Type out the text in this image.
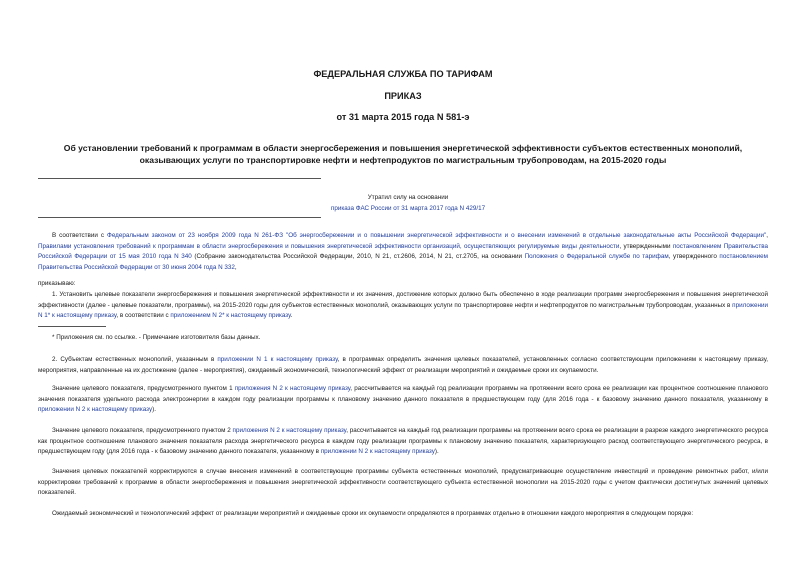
ФЕДЕРАЛЬНАЯ СЛУЖБА ПО ТАРИФАМ
ПРИКАЗ
от 31 марта 2015 года N 581-э
Об установлении требований к программам в области энергосбережения и повышения энергетической эффективности субъектов естественных монополий, оказывающих услуги по транспортировке нефти и нефтепродуктов по магистральным трубопроводам, на 2015-2020 годы
Утратил силу на основании
приказа ФАС России от 31 марта 2017 года N 429/17

В соответствии с Федеральным законом от 23 ноября 2009 года N 261-ФЗ "Об энергосбережении и о повышении энергетической эффективности и о внесении изменений в отдельные законодательные акты Российской Федерации", Правилами установления требований к программам в области энергосбережения и повышения энергетической эффективности организаций, осуществляющих регулируемые виды деятельности, утвержденными постановлением Правительства Российской Федерации от 15 мая 2010 года N 340 (Собрание законодательства Российской Федерации, 2010, N 21, ст.2606, 2014, N 21, ст.2705, на основании Положения о Федеральной службе по тарифам, утвержденного постановлением Правительства Российской Федерации от 30 июня 2004 года N 332,

приказываю:

1. Установить целевые показатели энергосбережения и повышения энергетической эффективности и их значения, достижение которых должно быть обеспечено в ходе реализации программ энергосбережения и повышения энергетической эффективности (далее - целевые показатели, программы), на 2015-2020 годы для субъектов естественных монополий, оказывающих услуги по транспортировке нефти и нефтепродуктов по магистральным трубопроводам, указанных в приложении N 1* к настоящему приказу, в соответствии с приложением N 2* к настоящему приказу.

* Приложения см. по ссылке. - Примечание изготовителя базы данных.

2. Субъектам естественных монополий, указанным в приложении N 1 к настоящему приказу, в программах определить значения целевых показателей, установленных согласно соответствующим приложениям к настоящему приказу, мероприятия, направленные на их достижение (далее - мероприятия), ожидаемый экономический, технологический эффект от реализации мероприятий и ожидаемые сроки их окупаемости.

Значение целевого показателя, предусмотренного пунктом 1 приложения N 2 к настоящему приказу, рассчитывается на каждый год реализации программы на протяжении всего срока ее реализации как процентное соотношение планового значения показателя удельного расхода электроэнергии в каждом году реализации программы к плановому значению данного показателя в предшествующем году (для 2016 года - к базовому значению данного показателя, указанному в приложении N 2 к настоящему приказу).

Значение целевого показателя, предусмотренного пунктом 2 приложения N 2 к настоящему приказу, рассчитывается на каждый год реализации программы на протяжении всего срока ее реализации в разрезе каждого энергетического ресурса как процентное соотношение планового значения показателя расхода энергетического ресурса в каждом году реализации программы к плановому значению показателя, характеризующего расход соответствующего энергетического ресурса, в предшествующем году (для 2016 года - к базовому значению данного показателя, указанному в приложении N 2 к настоящему приказу).

Значения целевых показателей корректируются в случае внесения изменений в соответствующие программы субъекта естественных монополий, предусматривающие осуществление инвестиций и проведение ремонтных работ, и/или корректировки требований к программе в области энергосбережения и повышения энергетической эффективности соответствующего субъекта естественной монополии на 2015-2020 годы с учетом фактически достигнутых значений целевых показателей.

Ожидаемый экономический и технологический эффект от реализации мероприятий и ожидаемые сроки их окупаемости определяются в программах отдельно в отношении каждого мероприятия в следующем порядке:
